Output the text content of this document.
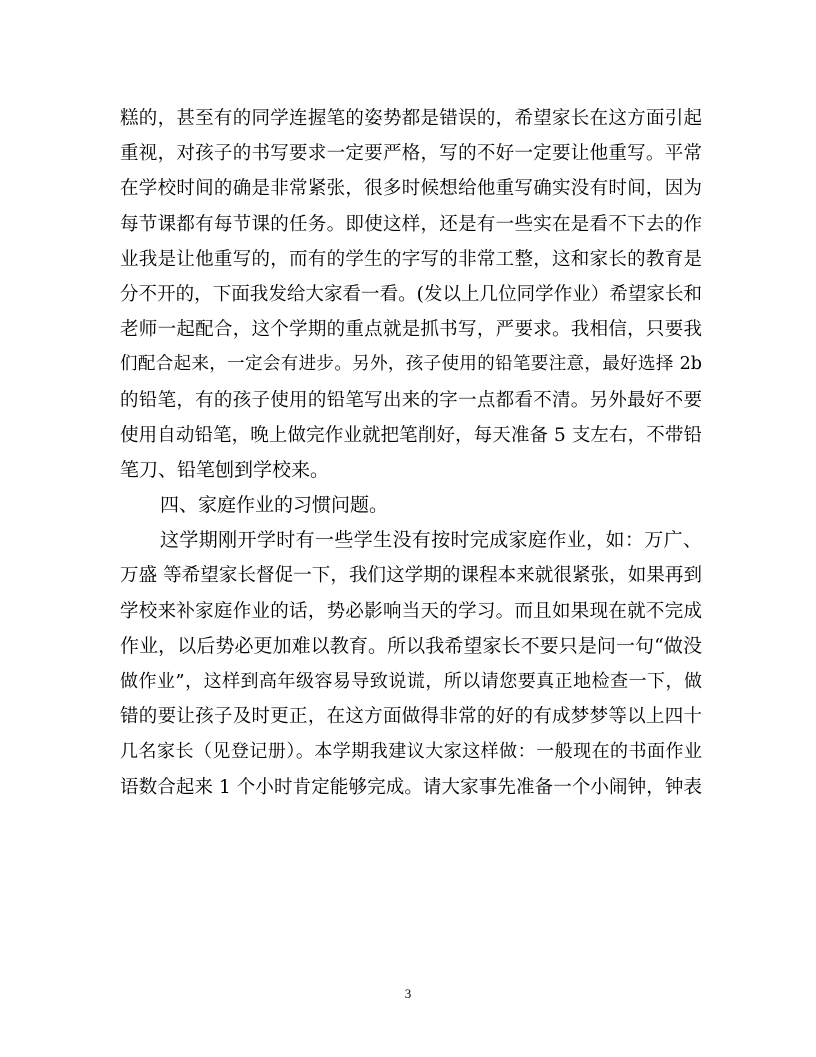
糕的，甚至有的同学连握笔的姿势都是错误的，希望家长在这方面引起
重视，对孩子的书写要求一定要严格，写的不好一定要让他重写。平常
在学校时间的确是非常紧张，很多时候想给他重写确实没有时间，因为
每节课都有每节课的任务。即使这样，还是有一些实在是看不下去的作
业我是让他重写的，而有的学生的字写的非常工整，这和家长的教育是
分不开的，下面我发给大家看一看。(发以上几位同学作业）希望家长和
老师一起配合，这个学期的重点就是抓书写，严要求。我相信，只要我
们配合起来，一定会有进步。另外，孩子使用的铅笔要注意，最好选择 2b
的铅笔，有的孩子使用的铅笔写出来的字一点都看不清。另外最好不要
使用自动铅笔，晚上做完作业就把笔削好，每天准备 5 支左右，不带铅
笔刀、铅笔刨到学校来。
四、家庭作业的习惯问题。
这学期刚开学时有一些学生没有按时完成家庭作业，如：万广、
万盛 等希望家长督促一下，我们这学期的课程本来就很紧张，如果再到
学校来补家庭作业的话，势必影响当天的学习。而且如果现在就不完成
作业，以后势必更加难以教育。所以我希望家长不要只是问一句“做没
做作业”，这样到高年级容易导致说谎，所以请您要真正地检查一下，做
错的要让孩子及时更正，在这方面做得非常的好的有成梦梦等以上四十
几名家长（见登记册）。本学期我建议大家这样做：一般现在的书面作业
语数合起来 1 个小时肯定能够完成。请大家事先准备一个小闹钟，钟表
3
